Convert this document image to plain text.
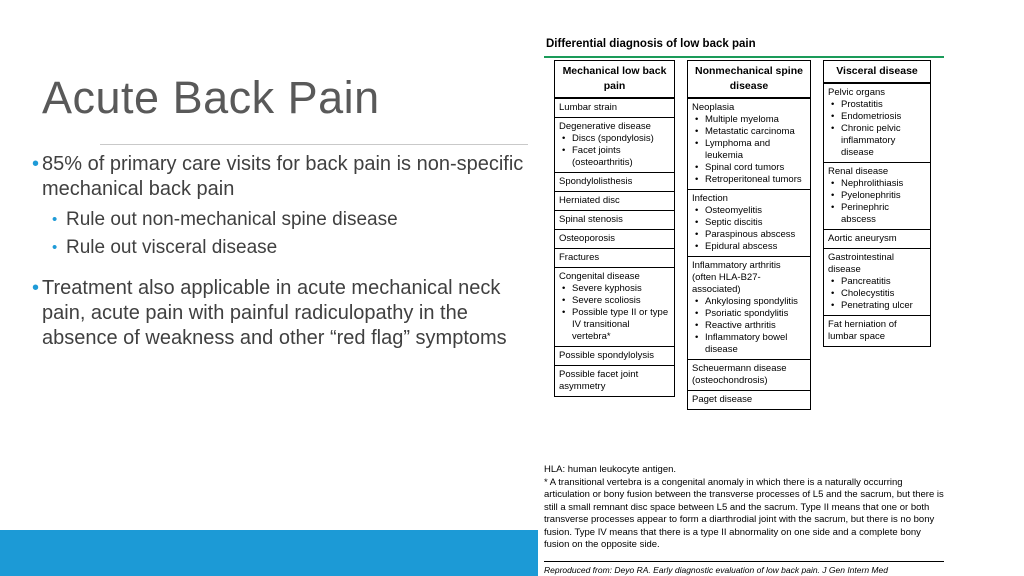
Acute Back Pain
• 85% of primary care visits for back pain is non-specific mechanical back pain
• Rule out non-mechanical spine disease
• Rule out visceral disease
• Treatment also applicable in acute mechanical neck pain, acute pain with painful radiculopathy in the absence of weakness and other “red flag” symptoms
Differential diagnosis of low back pain
Mechanical low back pain
Lumbar strain
Degenerative disease
• Discs (spondylosis)
• Facet joints (osteoarthritis)
Spondylolisthesis
Herniated disc
Spinal stenosis
Osteoporosis
Fractures
Congenital disease
• Severe kyphosis
• Severe scoliosis
• Possible type II or type IV transitional vertebra*
Possible spondylolysis
Possible facet joint asymmetry
Nonmechanical spine disease
Neoplasia
• Multiple myeloma
• Metastatic carcinoma
• Lymphoma and leukemia
• Spinal cord tumors
• Retroperitoneal tumors
Infection
• Osteomyelitis
• Septic discitis
• Paraspinous abscess
• Epidural abscess
Inflammatory arthritis (often HLA-B27-associated)
• Ankylosing spondylitis
• Psoriatic spondylitis
• Reactive arthritis
• Inflammatory bowel disease
Scheuermann disease (osteochondrosis)
Paget disease
Visceral disease
Pelvic organs
• Prostatitis
• Endometriosis
• Chronic pelvic inflammatory disease
Renal disease
• Nephrolithiasis
• Pyelonephritis
• Perinephric abscess
Aortic aneurysm
Gastrointestinal disease
• Pancreatitis
• Cholecystitis
• Penetrating ulcer
Fat herniation of lumbar space
HLA: human leukocyte antigen.
* A transitional vertebra is a congenital anomaly in which there is a naturally occurring articulation or bony fusion between the transverse processes of L5 and the sacrum, but there is still a small remnant disc space between L5 and the sacrum. Type II means that one or both transverse processes appear to form a diarthrodial joint with the sacrum, but there is no bony fusion. Type IV means that there is a type II abnormality on one side and a complete bony fusion on the opposite side.
Reproduced from: Deyo RA. Early diagnostic evaluation of low back pain. J Gen Intern Med
